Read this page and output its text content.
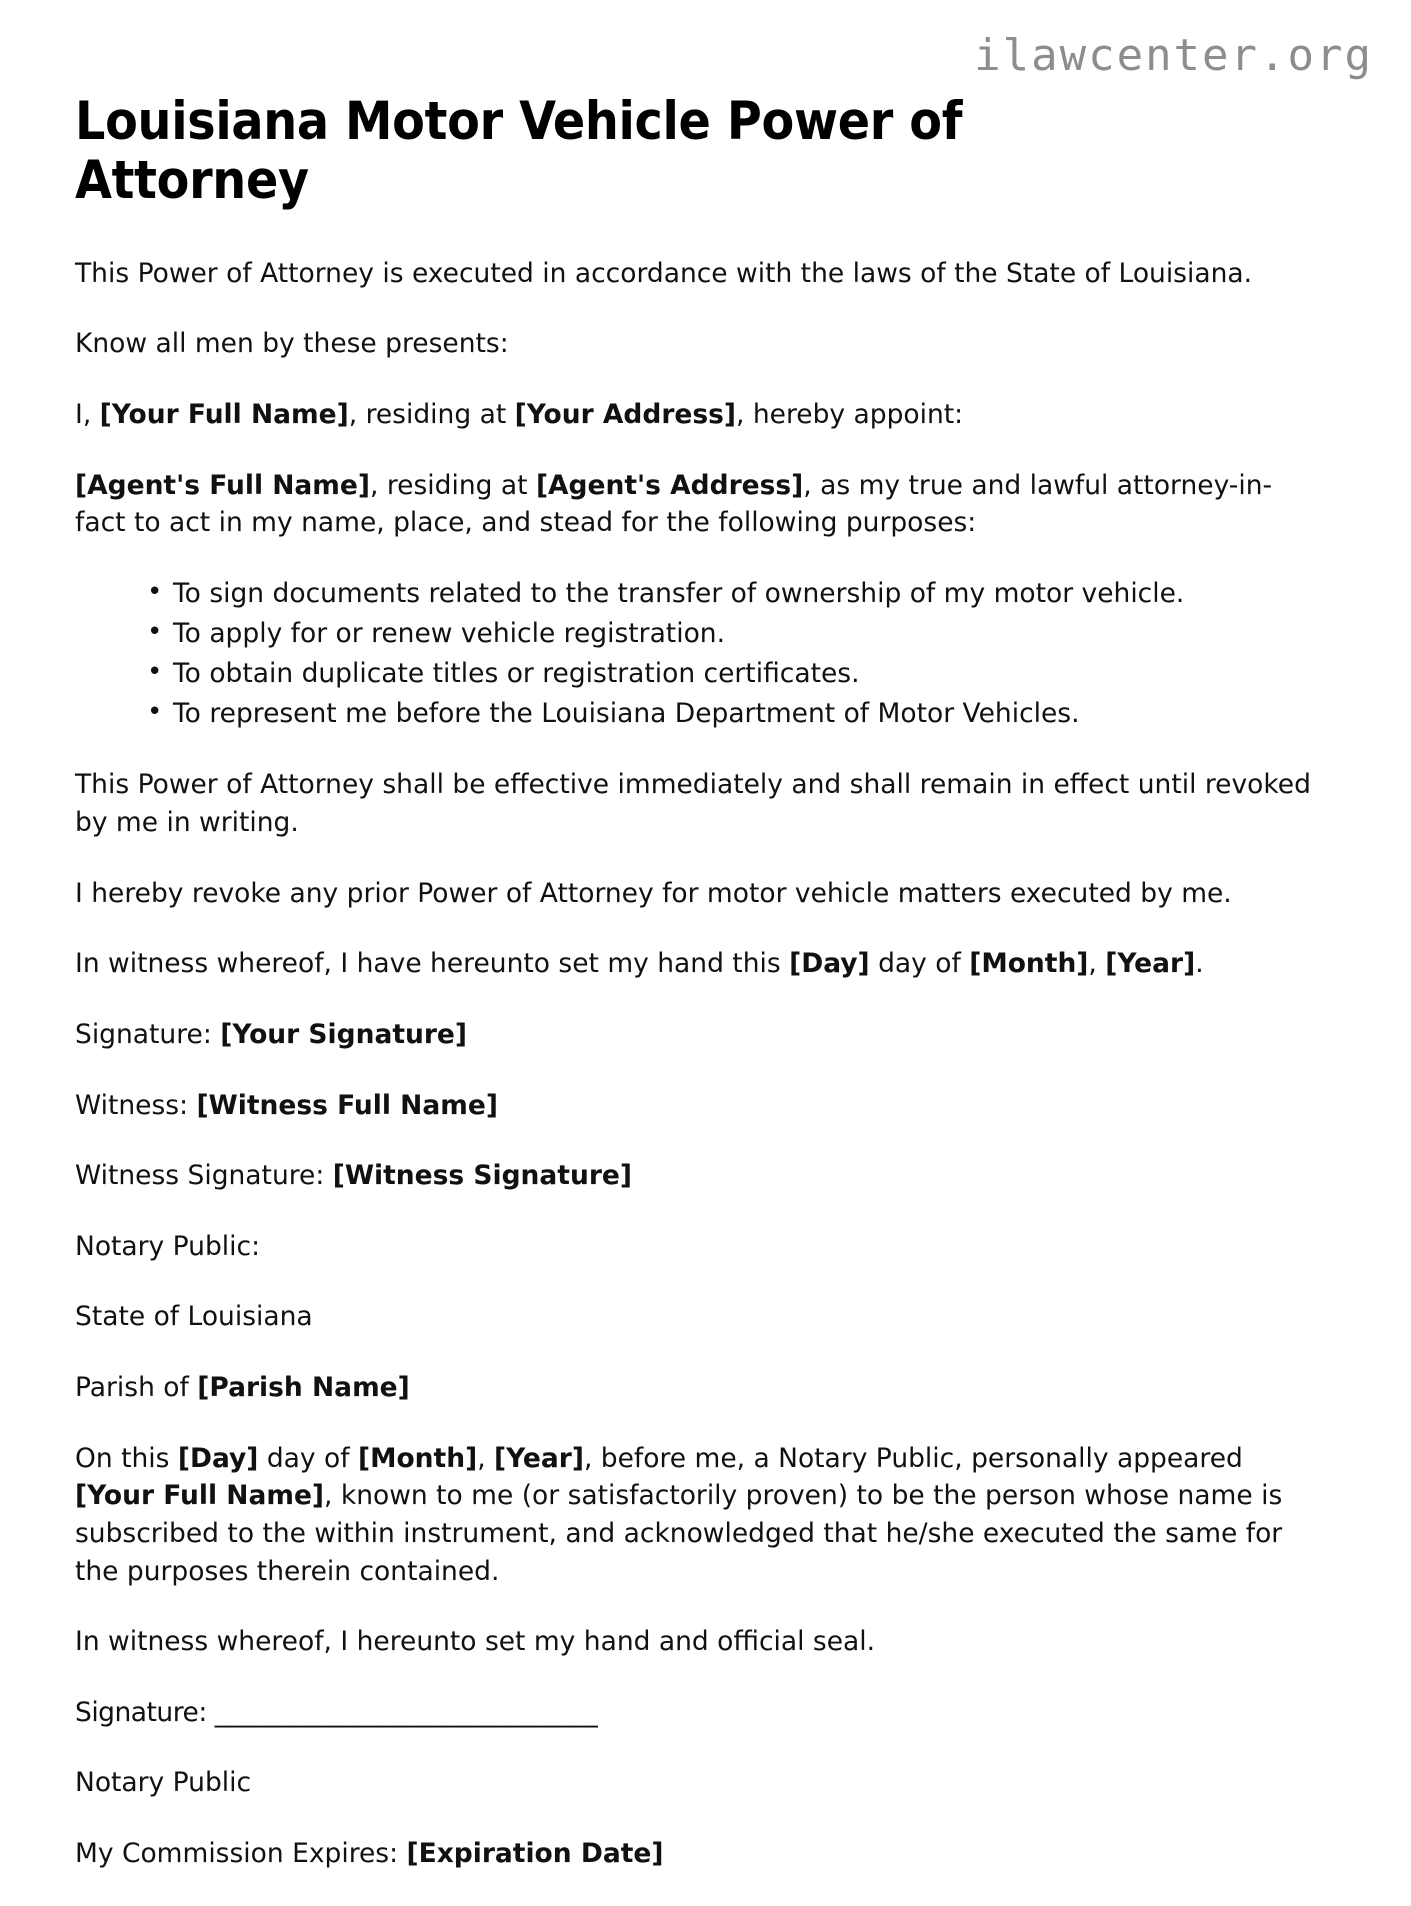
ilawcenter.org
Louisiana Motor Vehicle Power of Attorney

This Power of Attorney is executed in accordance with the laws of the State of Louisiana.

Know all men by these presents:

I, [Your Full Name], residing at [Your Address], hereby appoint:

[Agent's Full Name], residing at [Agent's Address], as my true and lawful attorney-in-fact to act in my name, place, and stead for the following purposes:

• To sign documents related to the transfer of ownership of my motor vehicle.
• To apply for or renew vehicle registration.
• To obtain duplicate titles or registration certificates.
• To represent me before the Louisiana Department of Motor Vehicles.

This Power of Attorney shall be effective immediately and shall remain in effect until revoked by me in writing.

I hereby revoke any prior Power of Attorney for motor vehicle matters executed by me.

In witness whereof, I have hereunto set my hand this [Day] day of [Month], [Year].

Signature: [Your Signature]

Witness: [Witness Full Name]

Witness Signature: [Witness Signature]

Notary Public:

State of Louisiana

Parish of [Parish Name]

On this [Day] day of [Month], [Year], before me, a Notary Public, personally appeared [Your Full Name], known to me (or satisfactorily proven) to be the person whose name is subscribed to the within instrument, and acknowledged that he/she executed the same for the purposes therein contained.

In witness whereof, I hereunto set my hand and official seal.

Signature: ______________________________

Notary Public

My Commission Expires: [Expiration Date]
